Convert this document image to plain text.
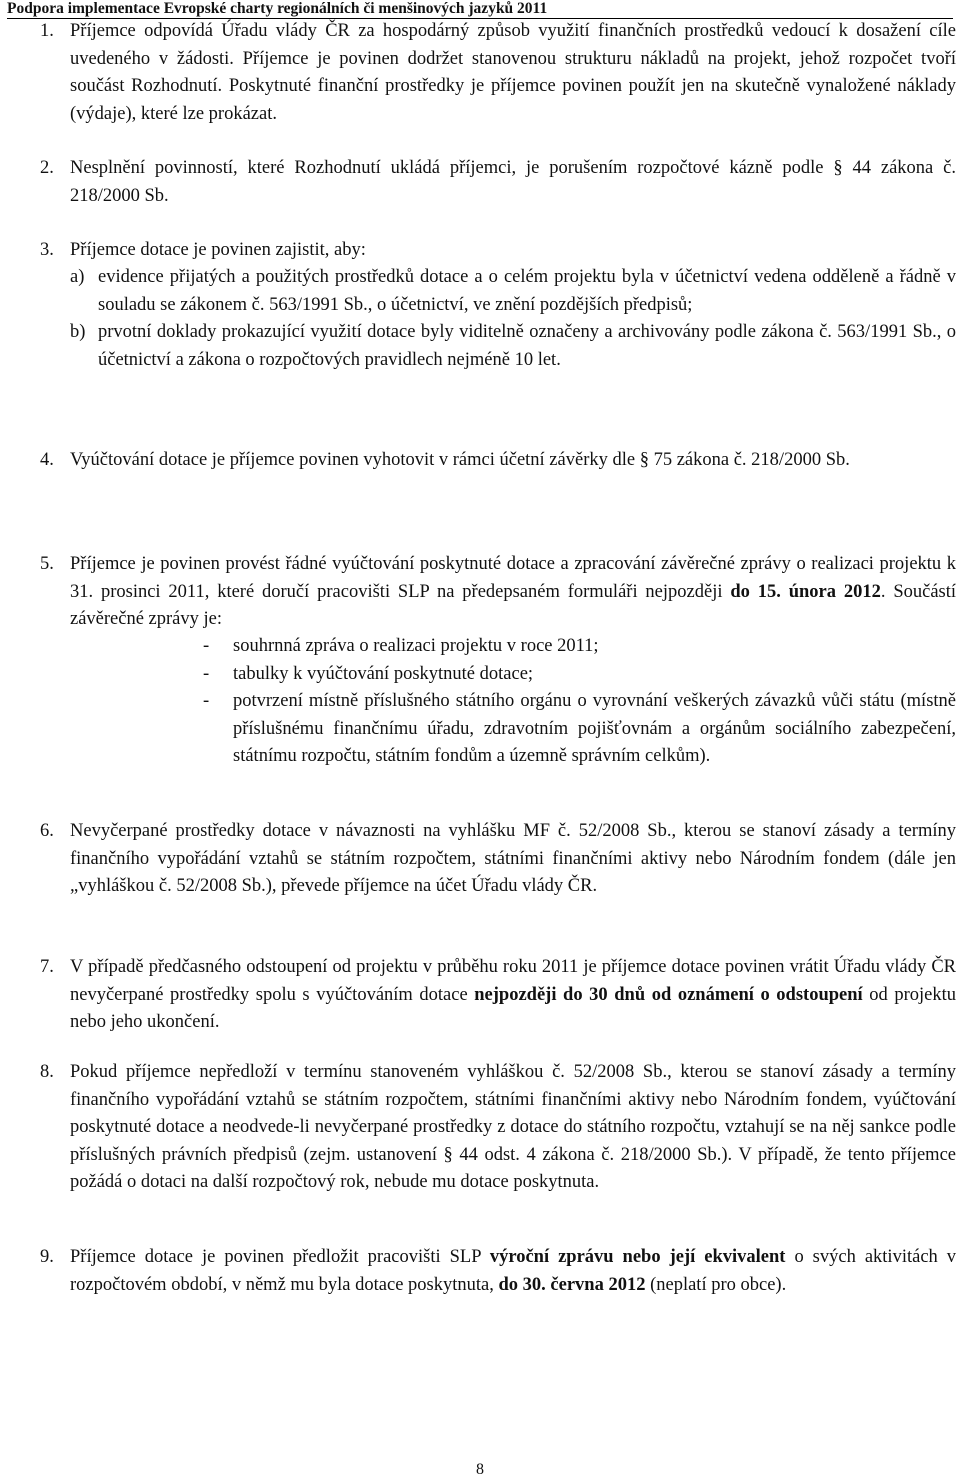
Podpora implementace Evropské charty regionálních či menšinových jazyků 2011
1. Příjemce odpovídá Úřadu vlády ČR za hospodárný způsob využití finančních prostředků vedoucí k dosažení cíle uvedeného v žádosti. Příjemce je povinen dodržet stanovenou strukturu nákladů na projekt, jehož rozpočet tvoří součást Rozhodnutí. Poskytnuté finanční prostředky je příjemce povinen použít jen na skutečně vynaložené náklady (výdaje), které lze prokázat.
2. Nesplnění povinností, které Rozhodnutí ukládá příjemci, je porušením rozpočtové kázně podle § 44 zákona č. 218/2000 Sb.
3. Příjemce dotace je povinen zajistit, aby:
a) evidence přijatých a použitých prostředků dotace a o celém projektu byla v účetnictví vedena odděleně a řádně v souladu se zákonem č. 563/1991 Sb., o účetnictví, ve znění pozdějších předpisů;
b) prvotní doklady prokazující využití dotace byly viditelně označeny a archivovány podle zákona č. 563/1991 Sb., o účetnictví a zákona o rozpočtových pravidlech nejméně 10 let.
4. Vyúčtování dotace je příjemce povinen vyhotovit v rámci účetní závěrky dle § 75 zákona č. 218/2000 Sb.
5. Příjemce je povinen provést řádné vyúčtování poskytnuté dotace a zpracování závěrečné zprávy o realizaci projektu k 31. prosinci 2011, které doručí pracovišti SLP na předepsaném formuláři nejpozději do 15. února 2012. Součástí závěrečné zprávy je:
- souhrnná zpráva o realizaci projektu v roce 2011;
- tabulky k vyúčtování poskytnuté dotace;
- potvrzení místně příslušného státního orgánu o vyrovnání veškerých závazků vůči státu (místně příslušnému finančnímu úřadu, zdravotním pojišťovnám a orgánům sociálního zabezpečení, státnímu rozpočtu, státním fondům a územně správním celkům).
6. Nevyčerpané prostředky dotace v návaznosti na vyhlášku MF č. 52/2008 Sb., kterou se stanoví zásady a termíny finančního vypořádání vztahů se státním rozpočtem, státními finančními aktivy nebo Národním fondem (dále jen „vyhláškou č. 52/2008 Sb.), převede příjemce na účet Úřadu vlády ČR.
7. V případě předčasného odstoupení od projektu v průběhu roku 2011 je příjemce dotace povinen vrátit Úřadu vlády ČR nevyčerpané prostředky spolu s vyúčtováním dotace nejpozději do 30 dnů od oznámení o odstoupení od projektu nebo jeho ukončení.
8. Pokud příjemce nepředloží v termínu stanoveném vyhláškou č. 52/2008 Sb., kterou se stanoví zásady a termíny finančního vypořádání vztahů se státním rozpočtem, státními finančními aktivy nebo Národním fondem, vyúčtování poskytnuté dotace a neodvede-li nevyčerpané prostředky z dotace do státního rozpočtu, vztahují se na něj sankce podle příslušných právních předpisů (zejm. ustanovení § 44 odst. 4 zákona č. 218/2000 Sb.). V případě, že tento příjemce požádá o dotaci na další rozpočtový rok, nebude mu dotace poskytnuta.
9. Příjemce dotace je povinen předložit pracovišti SLP výroční zprávu nebo její ekvivalent o svých aktivitách v rozpočtovém období, v němž mu byla dotace poskytnuta, do 30. června 2012 (neplatí pro obce).
8
